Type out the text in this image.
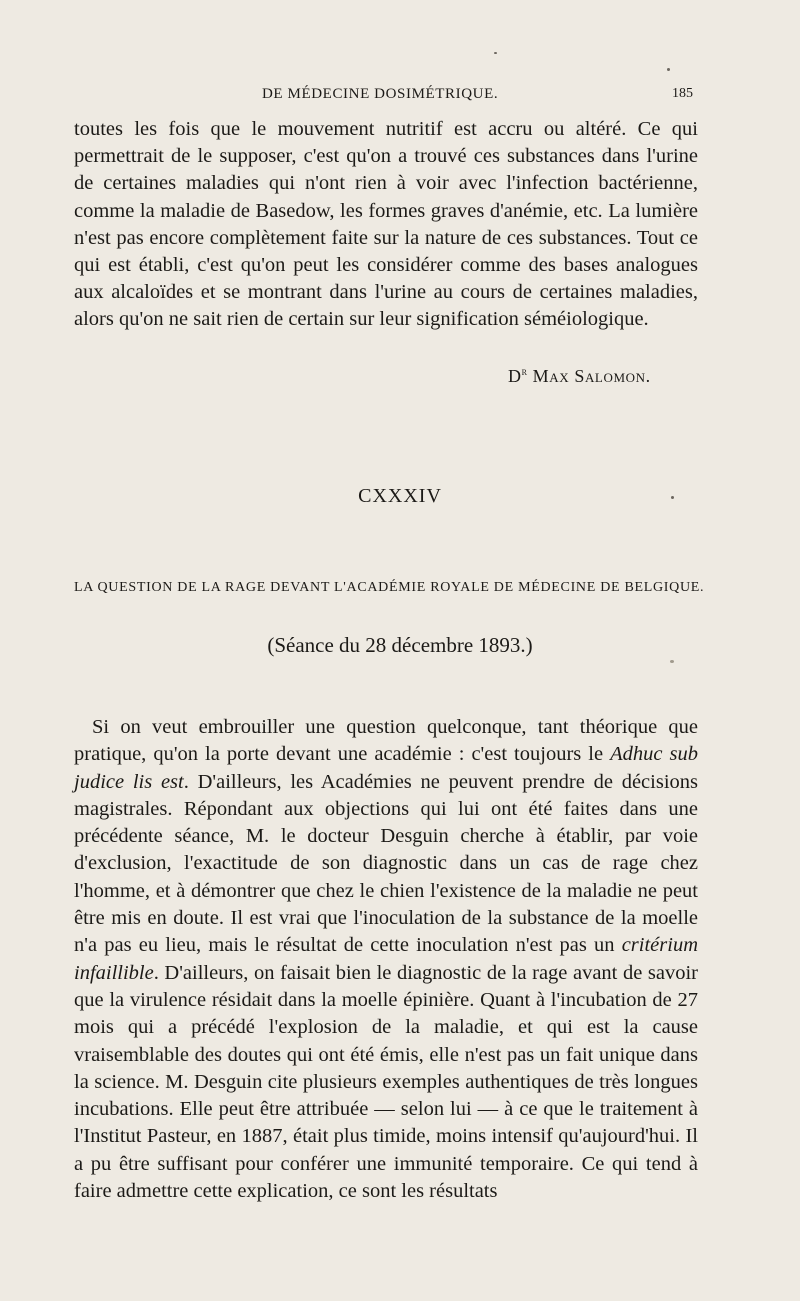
DE MÉDECINE DOSIMÉTRIQUE.	185

toutes les fois que le mouvement nutritif est accru ou altéré. Ce qui permettrait de le supposer, c'est qu'on a trouvé ces substances dans l'urine de certaines maladies qui n'ont rien à voir avec l'infection bactérienne, comme la maladie de Basedow, les formes graves d'anémie, etc. La lumière n'est pas encore complètement faite sur la nature de ces substances. Tout ce qui est établi, c'est qu'on peut les considérer comme des bases analogues aux alcaloïdes et se montrant dans l'urine au cours de certaines maladies, alors qu'on ne sait rien de certain sur leur signification séméiologique.

$D^r$ Max Salomon.
CXXXIV
LA QUESTION DE LA RAGE DEVANT L'ACADÉMIE ROYALE DE MÉDECINE DE BELGIQUE.
(Séance du 28 décembre 1893.)

Si on veut embrouiller une question quelconque, tant théorique que pratique, qu'on la porte devant une académie : c'est toujours le Adhuc sub judice lis est. D'ailleurs, les Académies ne peuvent prendre de décisions magistrales. Répondant aux objections qui lui ont été faites dans une précédente séance, M. le docteur Desguin cherche à établir, par voie d'exclusion, l'exactitude de son diagnostic dans un cas de rage chez l'homme, et à démontrer que chez le chien l'existence de la maladie ne peut être mis en doute. Il est vrai que l'inoculation de la substance de la moelle n'a pas eu lieu, mais le résultat de cette inoculation n'est pas un critérium infaillible. D'ailleurs, on faisait bien le diagnostic de la rage avant de savoir que la virulence résidait dans la moelle épinière. Quant à l'incubation de 27 mois qui a précédé l'explosion de la maladie, et qui est la cause vraisemblable des doutes qui ont été émis, elle n'est pas un fait unique dans la science. M. Desguin cite plusieurs exemples authentiques de très longues incubations. Elle peut être attribuée — selon lui — à ce que le traitement à l'Institut Pasteur, en 1887, était plus timide, moins intensif qu'aujourd'hui. Il a pu être suffisant pour conférer une immunité temporaire. Ce qui tend à faire admettre cette explication, ce sont les résultats
